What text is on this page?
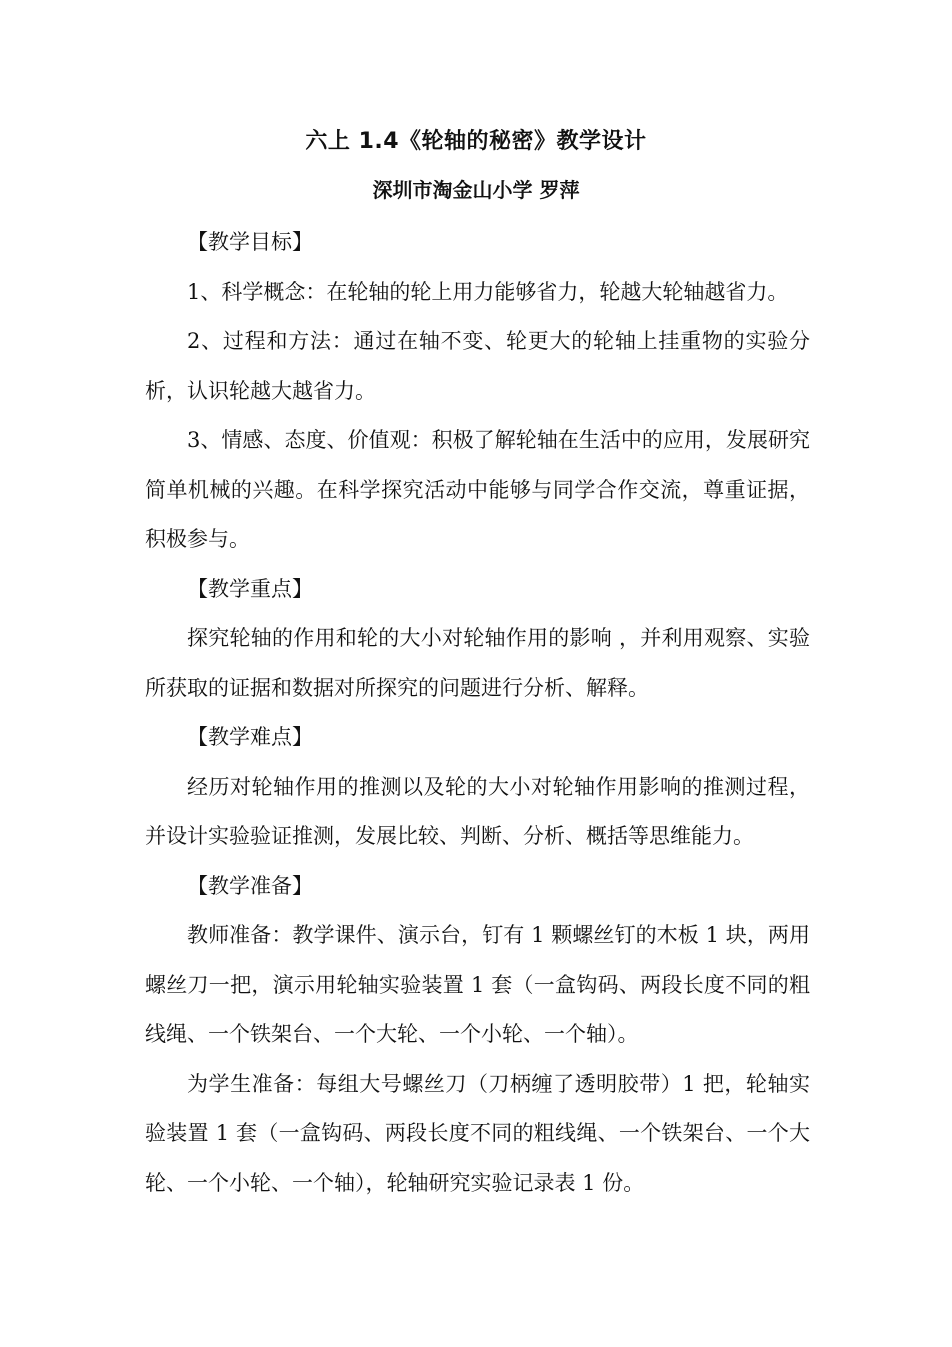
六上 1.4《轮轴的秘密》教学设计
深圳市淘金山小学 罗萍
【教学目标】

1、科学概念：在轮轴的轮上用力能够省力，轮越大轮轴越省力。

2、过程和方法：通过在轴不变、轮更大的轮轴上挂重物的实验分析，认识轮越大越省力。

3、情感、态度、价值观：积极了解轮轴在生活中的应用，发展研究简单机械的兴趣。在科学探究活动中能够与同学合作交流，尊重证据，积极参与。

【教学重点】

探究轮轴的作用和轮的大小对轮轴作用的影响 ，并利用观察、实验所获取的证据和数据对所探究的问题进行分析、解释。

【教学难点】

经历对轮轴作用的推测以及轮的大小对轮轴作用影响的推测过程，并设计实验验证推测，发展比较、判断、分析、概括等思维能力。

【教学准备】

教师准备：教学课件、演示台，钉有 1 颗螺丝钉的木板 1 块，两用螺丝刀一把，演示用轮轴实验装置 1 套（一盒钩码、两段长度不同的粗线绳、一个铁架台、一个大轮、一个小轮、一个轴）。

为学生准备：每组大号螺丝刀（刀柄缠了透明胶带）1 把，轮轴实验装置 1 套（一盒钩码、两段长度不同的粗线绳、一个铁架台、一个大轮、一个小轮、一个轴），轮轴研究实验记录表 1 份。
